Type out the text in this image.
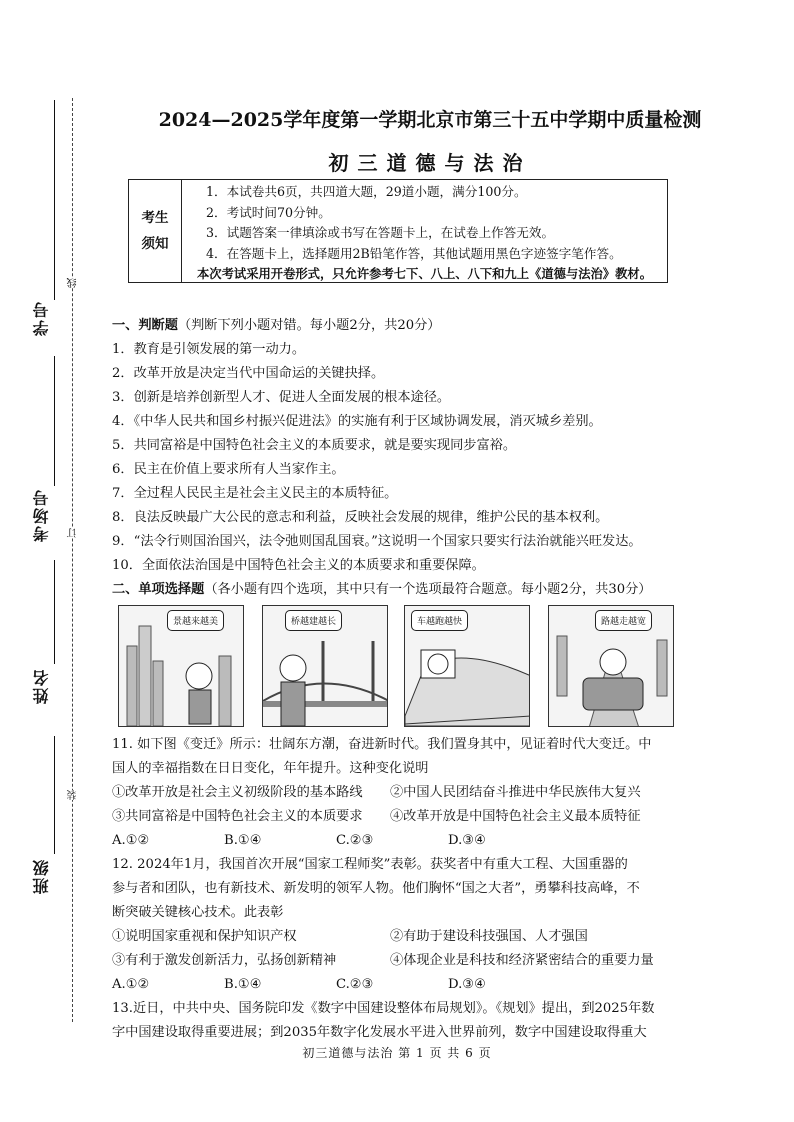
学号
线
考场号	订
姓名
装
班级
2024—2025学年度第一学期北京市第三十五中学期中质量检测
初三道德与法治
考生
须知
1．本试卷共6页，共四道大题，29道小题，满分100分。
2．考试时间70分钟。
3．试题答案一律填涂或书写在答题卡上，在试卷上作答无效。
4．在答题卡上，选择题用2B铅笔作答，其他试题用黑色字迹签字笔作答。
本次考试采用开卷形式，只允许参考七下、八上、八下和九上《道德与法治》教材。
一、判断题（判断下列小题对错。每小题2分，共20分）
1．教育是引领发展的第一动力。
2．改革开放是决定当代中国命运的关键抉择。
3．创新是培养创新型人才、促进人全面发展的根本途径。
4．《中华人民共和国乡村振兴促进法》的实施有利于区域协调发展，消灭城乡差别。
5．共同富裕是中国特色社会主义的本质要求，就是要实现同步富裕。
6．民主在价值上要求所有人当家作主。
7．全过程人民民主是社会主义民主的本质特征。
8．良法反映最广大公民的意志和利益，反映社会发展的规律，维护公民的基本权利。
9．“法令行则国治国兴，法令弛则国乱国衰。”这说明一个国家只要实行法治就能兴旺发达。
10．全面依法治国是中国特色社会主义的本质要求和重要保障。
二、单项选择题（各小题有四个选项，其中只有一个选项最符合题意。每小题2分，共30分）
景越来越美	桥越建越长	车越跑越快	路越走越宽
11. 如下图《变迁》所示：壮阔东方潮，奋进新时代。我们置身其中，见证着时代大变迁。中
国人的幸福指数在日日变化，年年提升。这种变化说明
①改革开放是社会主义初级阶段的基本路线	②中国人民团结奋斗推进中华民族伟大复兴
③共同富裕是中国特色社会主义的本质要求	④改革开放是中国特色社会主义最本质特征
A.①②	B.①④	C.②③	D.③④
12. 2024年1月，我国首次开展“国家工程师奖”表彰。获奖者中有重大工程、大国重器的
参与者和团队，也有新技术、新发明的领军人物。他们胸怀“国之大者”，勇攀科技高峰，不
断突破关键核心技术。此表彰
①说明国家重视和保护知识产权	②有助于建设科技强国、人才强国
③有利于激发创新活力，弘扬创新精神	④体现企业是科技和经济紧密结合的重要力量
A.①②	B.①④	C.②③	D.③④
13.近日，中共中央、国务院印发《数字中国建设整体布局规划》。《规划》提出，到2025年数
字中国建设取得重要进展；到2035年数字化发展水平进入世界前列，数字中国建设取得重大
初三道德与法治 第 1 页 共 6 页
